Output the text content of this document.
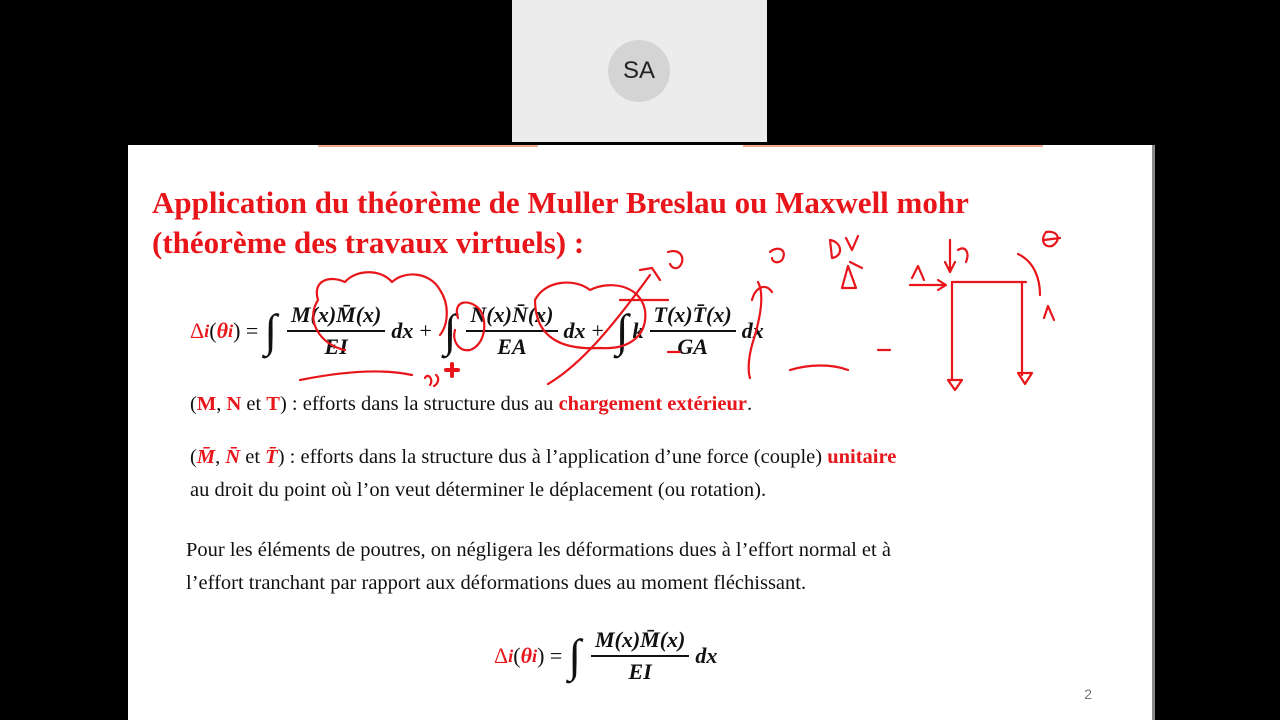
SA
Application du théorème de Muller Breslau ou Maxwell mohr
(théorème des travaux virtuels) :
Δ i ( θ i ) = ∫ $\frac{M(x)M̄(x)}{EI}$ dx + ∫ $\frac{N(x)N̄(x)}{EA}$ dx + ∫ k $\frac{T(x)T̄(x)}{GA}$ dx
(M, N et T) : efforts dans la structure dus au chargement extérieur.
(M̄, N̄ et T̄) : efforts dans la structure dus à l’application d’une force (couple) unitaire
au droit du point où l’on veut déterminer le déplacement (ou rotation).
Pour les éléments de poutres, on négligera les déformations dues à l’effort normal et à
l’effort tranchant par rapport aux déformations dues au moment fléchissant.
Δ i ( θ i ) = ∫ $\frac{M(x)M̄(x)}{EI}$ dx
2
